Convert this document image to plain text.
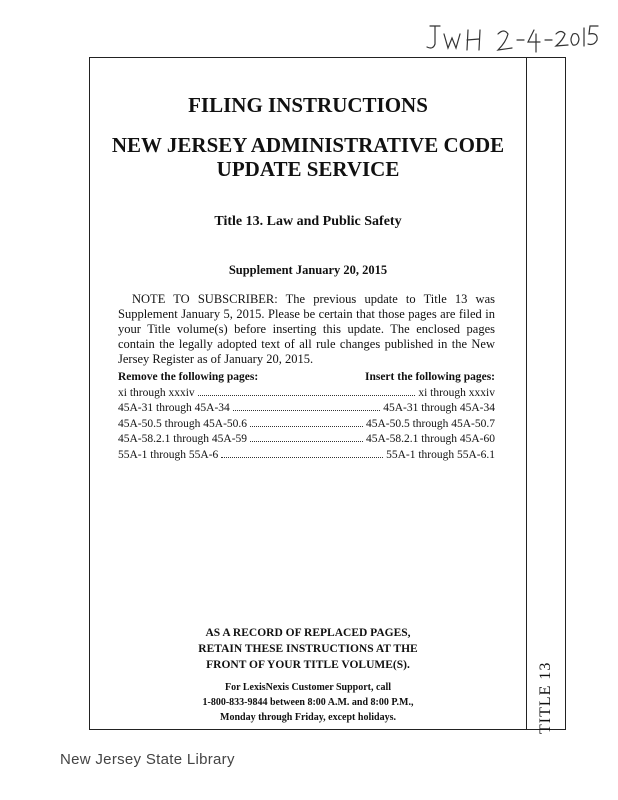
FILING INSTRUCTIONS
NEW JERSEY ADMINISTRATIVE CODE
UPDATE SERVICE
Title 13. Law and Public Safety
Supplement January 20, 2015
NOTE TO SUBSCRIBER: The previous update to Title 13 was Supplement January 5, 2015. Please be certain that those pages are filed in your Title volume(s) before inserting this update. The enclosed pages contain the legally adopted text of all rule changes published in the New Jersey Register as of January 20, 2015.
Remove the following pages:	Insert the following pages:
xi through xxxiv	xi through xxxiv
45A-31 through 45A-34	45A-31 through 45A-34
45A-50.5 through 45A-50.6	45A-50.5 through 45A-50.7
45A-58.2.1 through 45A-59	45A-58.2.1 through 45A-60
55A-1 through 55A-6	55A-1 through 55A-6.1
AS A RECORD OF REPLACED PAGES,
RETAIN THESE INSTRUCTIONS AT THE
FRONT OF YOUR TITLE VOLUME(S).
For LexisNexis Customer Support, call
1-800-833-9844 between 8:00 A.M. and 8:00 P.M.,
Monday through Friday, except holidays.	TITLE 13
New Jersey State Library
